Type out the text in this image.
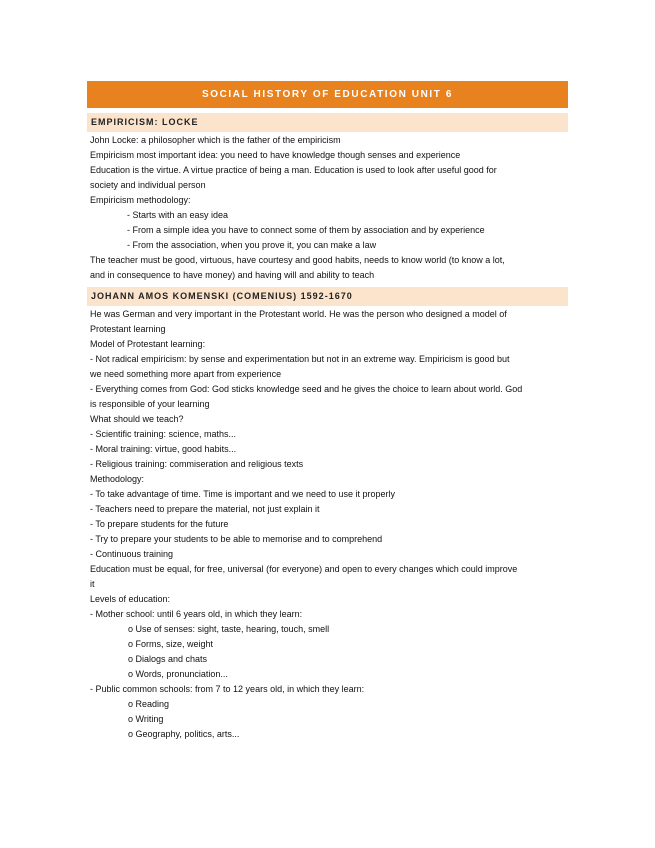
SOCIAL HISTORY OF EDUCATION UNIT 6
EMPIRICISM: LOCKE
John Locke: a philosopher which is the father of the empiricism
Empiricism most important idea: you need to have knowledge though senses and experience
Education is the virtue. A virtue practice of being a man. Education is used to look after useful good for
society and individual person
Empiricism methodology:
- Starts with an easy idea
- From a simple idea you have to connect some of them by association and by experience
- From the association, when you prove it, you can make a law
The teacher must be good, virtuous, have courtesy and good habits, needs to know world (to know a lot,
and in consequence to have money) and having will and ability to teach
JOHANN AMOS KOMENSKI (COMENIUS) 1592-1670
He was German and very important in the Protestant world. He was the person who designed a model of
Protestant learning
Model of Protestant learning:
- Not radical empiricism: by sense and experimentation but not in an extreme way. Empiricism is good but
we need something more apart from experience
- Everything comes from God: God sticks knowledge seed and he gives the choice to learn about world. God
is responsible of your learning
What should we teach?
- Scientific training: science, maths...
- Moral training: virtue, good habits...
- Religious training: commiseration and religious texts
Methodology:
- To take advantage of time. Time is important and we need to use it properly
- Teachers need to prepare the material, not just explain it
- To prepare students for the future
- Try to prepare your students to be able to memorise and to comprehend
- Continuous training
Education must be equal, for free, universal (for everyone) and open to every changes which could improve
it
Levels of education:
- Mother school: until 6 years old, in which they learn:
o Use of senses: sight, taste, hearing, touch, smell
o Forms, size, weight
o Dialogs and chats
o Words, pronunciation...
- Public common schools: from 7 to 12 years old, in which they learn:
o Reading
o Writing
o Geography, politics, arts...
